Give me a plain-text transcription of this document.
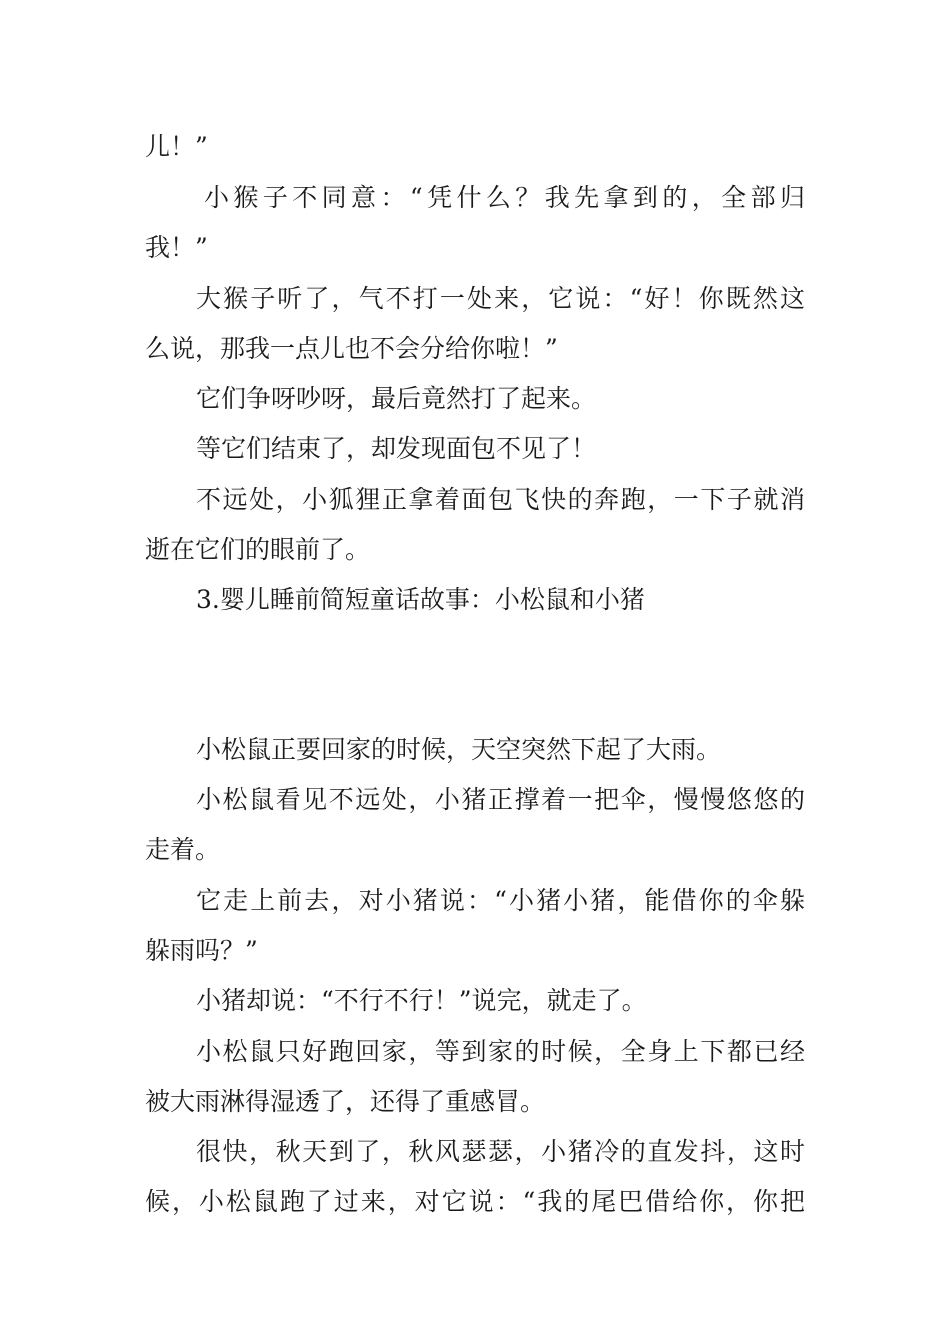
儿！”
小猴子不同意：“凭什么？我先拿到的，全部归
我！”
大猴子听了，气不打一处来，它说：“好！你既然这
么说，那我一点儿也不会分给你啦！”
它们争呀吵呀，最后竟然打了起来。
等它们结束了，却发现面包不见了！
不远处，小狐狸正拿着面包飞快的奔跑，一下子就消
逝在它们的眼前了。
3.婴儿睡前简短童话故事：小松鼠和小猪
小松鼠正要回家的时候，天空突然下起了大雨。
小松鼠看见不远处，小猪正撑着一把伞，慢慢悠悠的
走着。
它走上前去，对小猪说：“小猪小猪，能借你的伞躲
躲雨吗？”
小猪却说：“不行不行！”说完，就走了。
小松鼠只好跑回家，等到家的时候，全身上下都已经
被大雨淋得湿透了，还得了重感冒。
很快，秋天到了，秋风瑟瑟，小猪冷的直发抖，这时
候，小松鼠跑了过来，对它说：“我的尾巴借给你，你把
